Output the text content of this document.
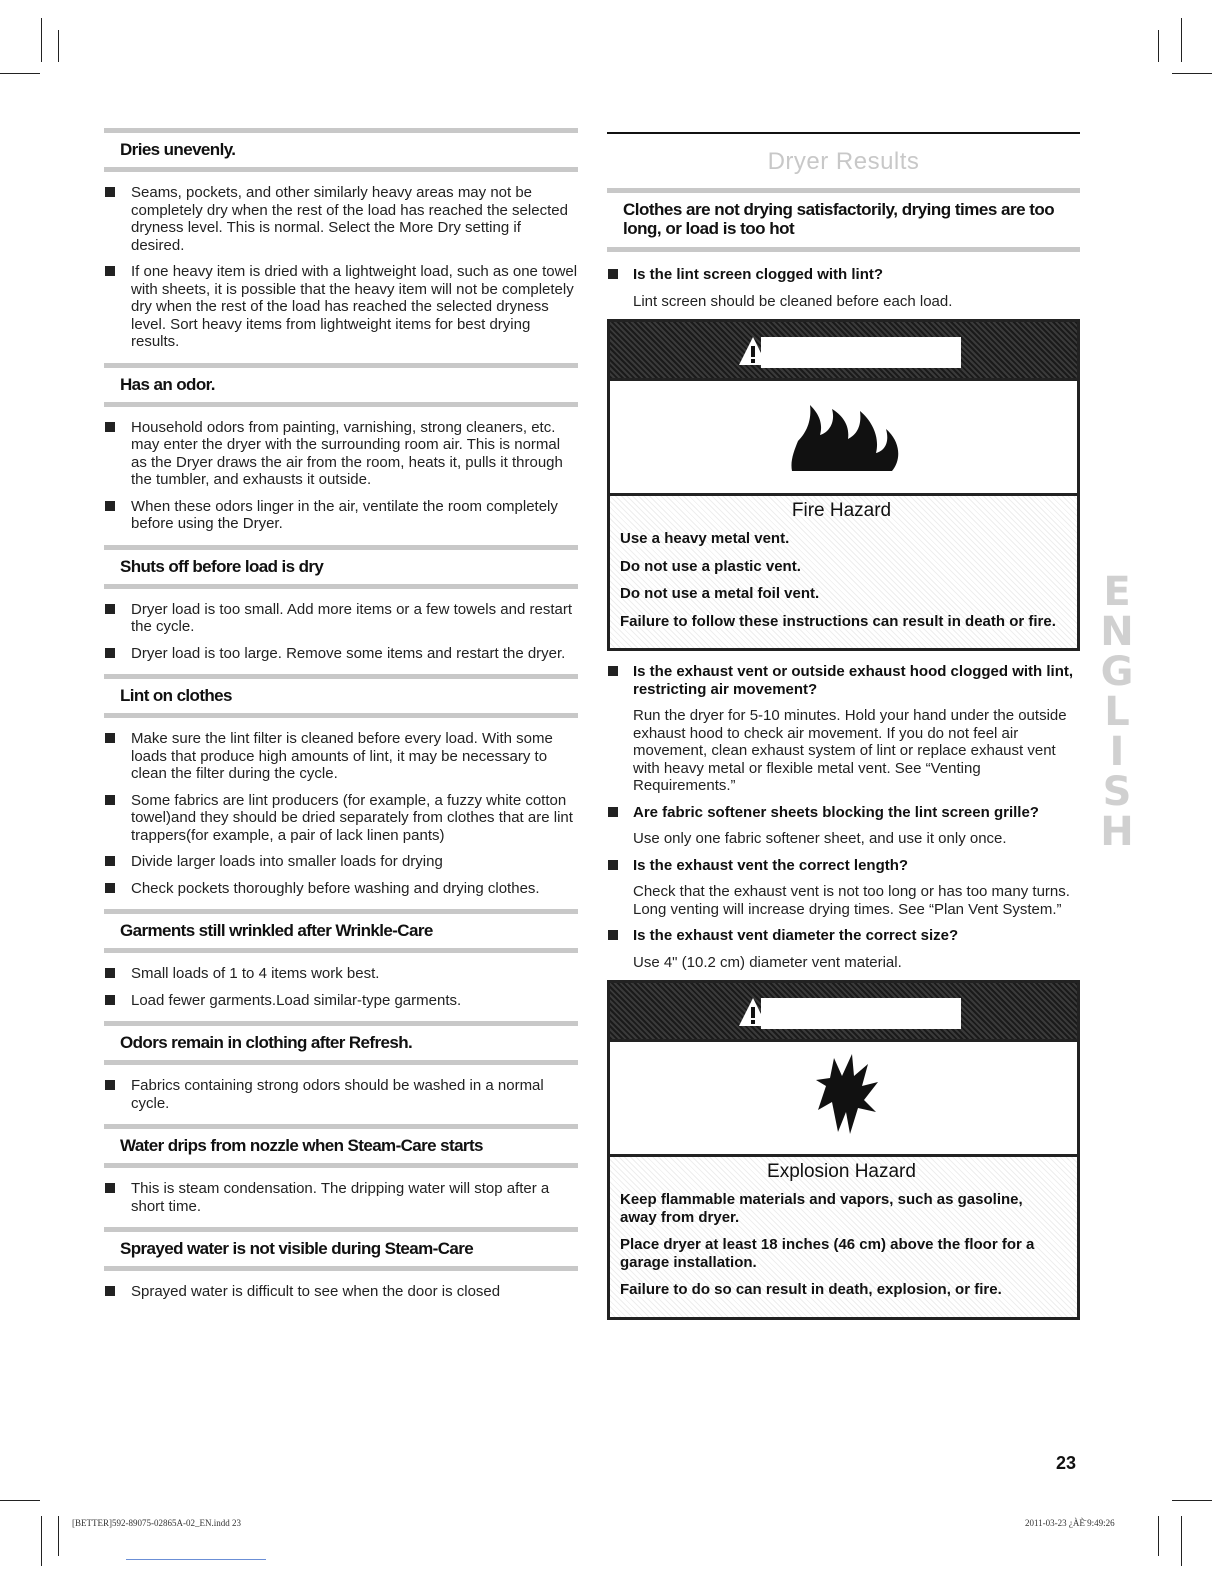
Dries unevenly.
Seams, pockets, and other similarly heavy areas may not be completely dry when the rest of the load has reached the selected dryness level. This is normal. Select the More Dry setting if desired.
If one heavy item is dried with a lightweight load, such as one towel with sheets, it is possible that the heavy item will not be completely dry when the rest of the load has reached the selected dryness level. Sort heavy items from lightweight items for best drying results.
Has an odor.
Household odors from painting, varnishing, strong cleaners, etc. may enter the dryer with the surrounding room air. This is normal as the Dryer draws the air from the room, heats it, pulls it through the tumbler, and exhausts it outside.
When these odors linger in the air, ventilate the room completely before using the Dryer.
Shuts off before load is dry
Dryer load is too small. Add more items or a few towels and restart the cycle.
Dryer load is too large. Remove some items and restart the dryer.
Lint on clothes
Make sure the lint filter is cleaned before every load. With some loads that produce high amounts of lint, it may be necessary to clean the filter during the cycle.
Some fabrics are lint producers (for example, a fuzzy white cotton towel)and they should be dried separately from clothes that are lint trappers(for example, a pair of lack linen pants)
Divide larger loads into smaller loads for drying
Check pockets thoroughly before washing and drying clothes.
Garments still wrinkled after Wrinkle-Care
Small loads of 1 to 4 items work best.
Load fewer garments.Load similar-type garments.
Odors remain in clothing after Refresh.
Fabrics containing strong odors should be washed in a normal cycle.
Water drips from nozzle when Steam-Care starts
This is steam condensation. The dripping water will stop after a short time.
Sprayed water is not visible during Steam-Care
Sprayed water is difficult to see when the door is closed
Dryer Results
Clothes are not drying satisfactorily, drying times are too long, or load is too hot
Is the lint screen clogged with lint?
Lint screen should be cleaned before each load.
Fire Hazard
Use a heavy metal vent.
Do not use a plastic vent.
Do not use a metal foil vent.
Failure to follow these instructions can result in death or fire.
Is the exhaust vent or outside exhaust hood clogged with lint, restricting air movement?
Run the dryer for 5-10 minutes. Hold your hand under the outside exhaust hood to check air movement. If you do not feel air movement, clean exhaust system of lint or replace exhaust vent with heavy metal or flexible metal vent. See “Venting Requirements.”
Are fabric softener sheets blocking the lint screen grille?
Use only one fabric softener sheet, and use it only once.
Is the exhaust vent the correct length?
Check that the exhaust vent is not too long or has too many turns. Long venting will increase drying times. See “Plan Vent System.”
Is the exhaust vent diameter the correct size?
Use 4" (10.2 cm) diameter vent material.
Explosion Hazard
Keep flammable materials and vapors, such as gasoline, away from dryer.
Place dryer at least 18 inches (46 cm) above the floor for a garage installation.
Failure to do so can result in death, explosion, or fire.
ENGLISH
23
[BETTER]592-89075-02865A-02_EN.indd 23	2011-03-23 ¿ÀÈ̄ 9:49:26
